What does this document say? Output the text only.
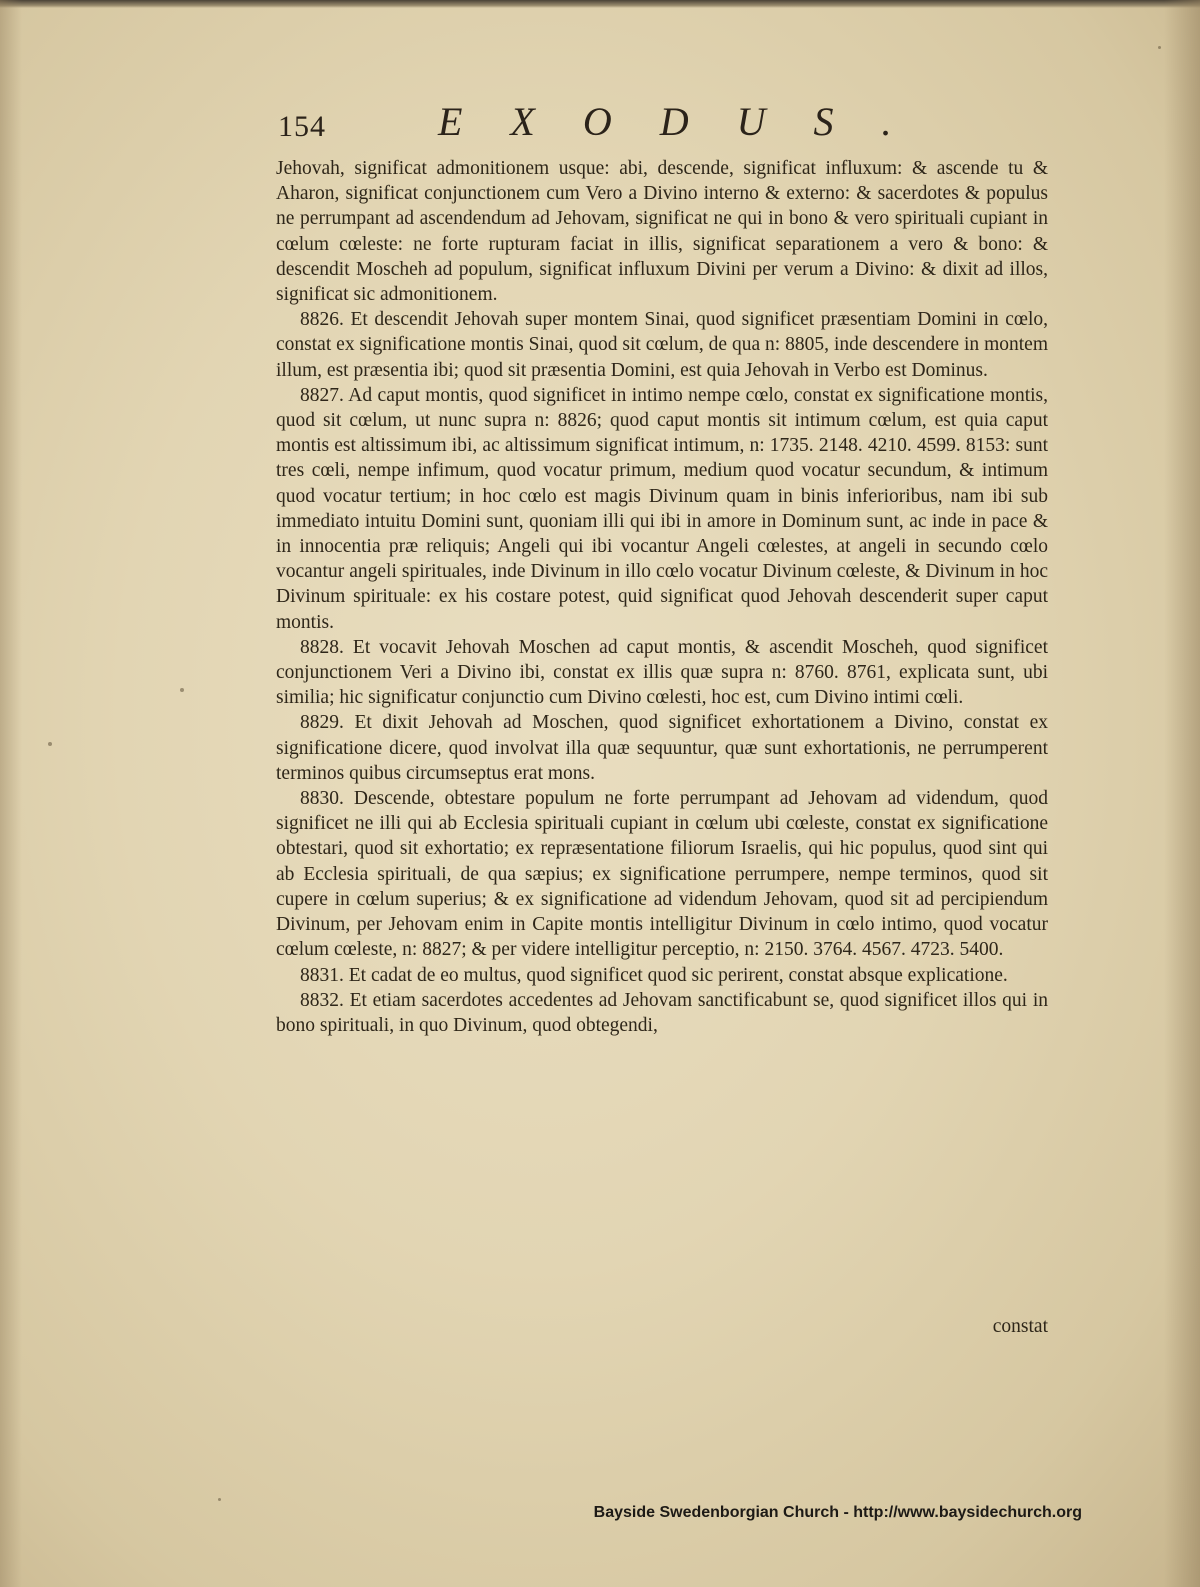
154	EXODUS.

Jehovah, significat admonitionem usque: abi, descende, significat influxum: & ascende tu & Aharon, significat conjunctionem cum Vero a Divino interno & externo: & sacerdotes & populus ne perrumpant ad ascendendum ad Jehovam, significat ne qui in bono & vero spirituali cupiant in cœlum cœleste: ne forte rupturam faciat in illis, significat separationem a vero & bono: & descendit Moscheh ad populum, significat influxum Divini per verum a Divino: & dixit ad illos, significat sic admonitionem.

8826. Et descendit Jehovah super montem Sinai, quod significet præsentiam Domini in cœlo, constat ex significatione montis Sinai, quod sit cœlum, de qua n: 8805, inde descendere in montem illum, est præsentia ibi; quod sit præsentia Domini, est quia Jehovah in Verbo est Dominus.

8827. Ad caput montis, quod significet in intimo nempe cœlo, constat ex significatione montis, quod sit cœlum, ut nunc supra n: 8826; quod caput montis sit intimum cœlum, est quia caput montis est altissimum ibi, ac altissimum significat intimum, n: 1735. 2148. 4210. 4599. 8153: sunt tres cœli, nempe infimum, quod vocatur primum, medium quod vocatur secundum, & intimum quod vocatur tertium; in hoc cœlo est magis Divinum quam in binis inferioribus, nam ibi sub immediato intuitu Domini sunt, quoniam illi qui ibi in amore in Dominum sunt, ac inde in pace & in innocentia præ reliquis; Angeli qui ibi vocantur Angeli cœlestes, at angeli in secundo cœlo vocantur angeli spirituales, inde Divinum in illo cœlo vocatur Divinum cœleste, & Divinum in hoc Divinum spirituale: ex his costare potest, quid significat quod Jehovah descenderit super caput montis.

8828. Et vocavit Jehovah Moschen ad caput montis, & ascendit Moscheh, quod significet conjunctionem Veri a Divino ibi, constat ex illis quæ supra n: 8760. 8761, explicata sunt, ubi similia; hic significatur conjunctio cum Divino cœlesti, hoc est, cum Divino intimi cœli.

8829. Et dixit Jehovah ad Moschen, quod significet exhortationem a Divino, constat ex significatione dicere, quod involvat illa quæ sequuntur, quæ sunt exhortationis, ne perrumperent terminos quibus circumseptus erat mons.

8830. Descende, obtestare populum ne forte perrumpant ad Jehovam ad videndum, quod significet ne illi qui ab Ecclesia spirituali cupiant in cœlum ubi cœleste, constat ex significatione obtestari, quod sit exhortatio; ex repræsentatione filiorum Israelis, qui hic populus, quod sint qui ab Ecclesia spirituali, de qua sæpius; ex significatione perrumpere, nempe terminos, quod sit cupere in cœlum superius; & ex significatione ad videndum Jehovam, quod sit ad percipiendum Divinum, per Jehovam enim in Capite montis intelligitur Divinum in cœlo intimo, quod vocatur cœlum cœleste, n: 8827; & per videre intelligitur perceptio, n: 2150. 3764. 4567. 4723. 5400.

8831. Et cadat de eo multus, quod significet quod sic perirent, constat absque explicatione.

8832. Et etiam sacerdotes accedentes ad Jehovam sanctificabunt se, quod significet illos qui in bono spirituali, in quo Divinum, quod obtegendi,

constat
Bayside Swedenborgian Church - http://www.baysidechurch.org
